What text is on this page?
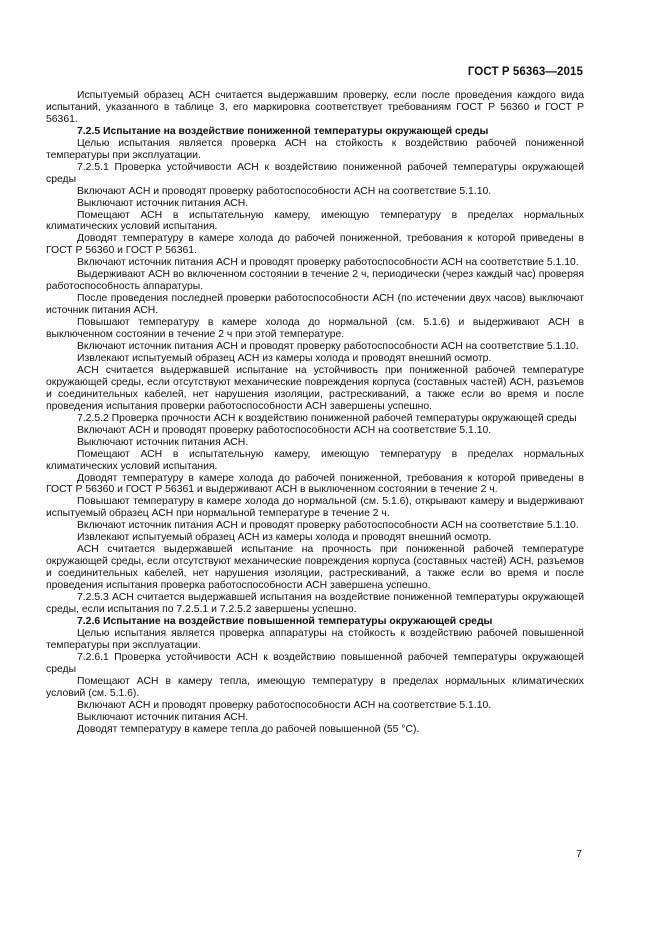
ГОСТ Р 56363—2015

Испытуемый образец АСН считается выдержавшим проверку, если после проведения каждого вида испытаний, указанного в таблице 3, его маркировка соответствует требованиям ГОСТ Р 56360 и ГОСТ Р 56361.

7.2.5 Испытание на воздействие пониженной температуры окружающей среды

Целью испытания является проверка АСН на стойкость к воздействию рабочей пониженной температуры при эксплуатации.

7.2.5.1 Проверка устойчивости АСН к воздействию пониженной рабочей температуры окружающей среды

Включают АСН и проводят проверку работоспособности АСН на соответствие 5.1.10.

Выключают источник питания АСН.

Помещают АСН в испытательную камеру, имеющую температуру в пределах нормальных климатических условий испытания.

Доводят температуру в камере холода до рабочей пониженной, требования к которой приведены в ГОСТ Р 56360 и ГОСТ Р 56361.

Включают источник питания АСН и проводят проверку работоспособности АСН на соответствие 5.1.10.

Выдерживают АСН во включенном состоянии в течение 2 ч, периодически (через каждый час) проверяя работоспособность аппаратуры.

После проведения последней проверки работоспособности АСН (по истечении двух часов) выключают источник питания АСН.

Повышают температуру в камере холода до нормальной (см. 5.1.6) и выдерживают АСН в выключенном состоянии в течение 2 ч при этой температуре.

Включают источник питания АСН и проводят проверку работоспособности АСН на соответствие 5.1.10.

Извлекают испытуемый образец АСН из камеры холода и проводят внешний осмотр.

АСН считается выдержавшей испытание на устойчивость при пониженной рабочей температуре окружающей среды, если отсутствуют механические повреждения корпуса (составных частей) АСН, разъемов и соединительных кабелей, нет нарушения изоляции, растрескиваний, а также если во время и после проведения испытания проверки работоспособности АСН завершены успешно.

7.2.5.2 Проверка прочности АСН к воздействию пониженной рабочей температуры окружающей среды

Включают АСН и проводят проверку работоспособности АСН на соответствие 5.1.10.

Выключают источник питания АСН.

Помещают АСН в испытательную камеру, имеющую температуру в пределах нормальных климатических условий испытания.

Доводят температуру в камере холода до рабочей пониженной, требования к которой приведены в ГОСТ Р 56360 и ГОСТ Р 56361 и выдерживают АСН в выключенном состоянии в течение 2 ч.

Повышают температуру в камере холода до нормальной (см. 5.1.6), открывают камеру и выдерживают испытуемый образец АСН при нормальной температуре в течение 2 ч.

Включают источник питания АСН и проводят проверку работоспособности АСН на соответствие 5.1.10.

Извлекают испытуемый образец АСН из камеры холода и проводят внешний осмотр.

АСН считается выдержавшей испытание на прочность при пониженной рабочей температуре окружающей среды, если отсутствуют механические повреждения корпуса (составных частей) АСН, разъемов и соединительных кабелей, нет нарушения изоляции, растрескиваний, а также если во время и после проведения испытания проверка работоспособности АСН завершена успешно.

7.2.5.3 АСН считается выдержавшей испытания на воздействие пониженной температуры окружающей среды, если испытания по 7.2.5.1 и 7.2.5.2 завершены успешно.

7.2.6 Испытание на воздействие повышенной температуры окружающей среды

Целью испытания является проверка аппаратуры на стойкость к воздействию рабочей повышенной температуры при эксплуатации.

7.2.6.1 Проверка устойчивости АСН к воздействию повышенной рабочей температуры окружающей среды

Помещают АСН в камеру тепла, имеющую температуру в пределах нормальных климатических условий (см. 5.1.6).

Включают АСН и проводят проверку работоспособности АСН на соответствие 5.1.10.

Выключают источник питания АСН.

Доводят температуру в камере тепла до рабочей повышенной (55 °С).

7
